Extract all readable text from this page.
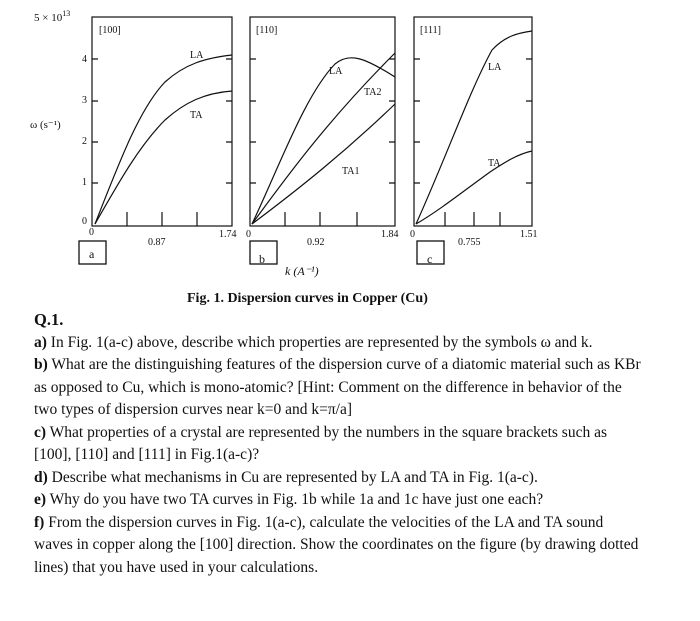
$5 \times 10^{13}$
ω (s⁻¹)
4
3
2
1
0
[100]
LA
TA
0
0.87
1.74
a
[110]
LA
TA2
TA1
0
0.92
1.84
b
[111]
LA
TA
0
0.755
1.51
c
k (A⁻¹)
Fig. 1. Dispersion curves in Copper (Cu)

Q.1.

a) In Fig. 1(a-c) above, describe which properties are represented by the symbols ω and k.

b) What are the distinguishing features of the dispersion curve of a diatomic material such as KBr as opposed to Cu, which is mono-atomic? [Hint: Comment on the difference in behavior of the two types of dispersion curves near k=0 and k=π/a]

c) What properties of a crystal are represented by the numbers in the square brackets such as [100], [110] and [111] in Fig.1(a-c)?

d) Describe what mechanisms in Cu are represented by LA and TA in Fig. 1(a-c).

e) Why do you have two TA curves in Fig. 1b while 1a and 1c have just one each?

f) From the dispersion curves in Fig. 1(a-c), calculate the velocities of the LA and TA sound waves in copper along the [100] direction. Show the coordinates on the figure (by drawing dotted lines) that you have used in your calculations.
